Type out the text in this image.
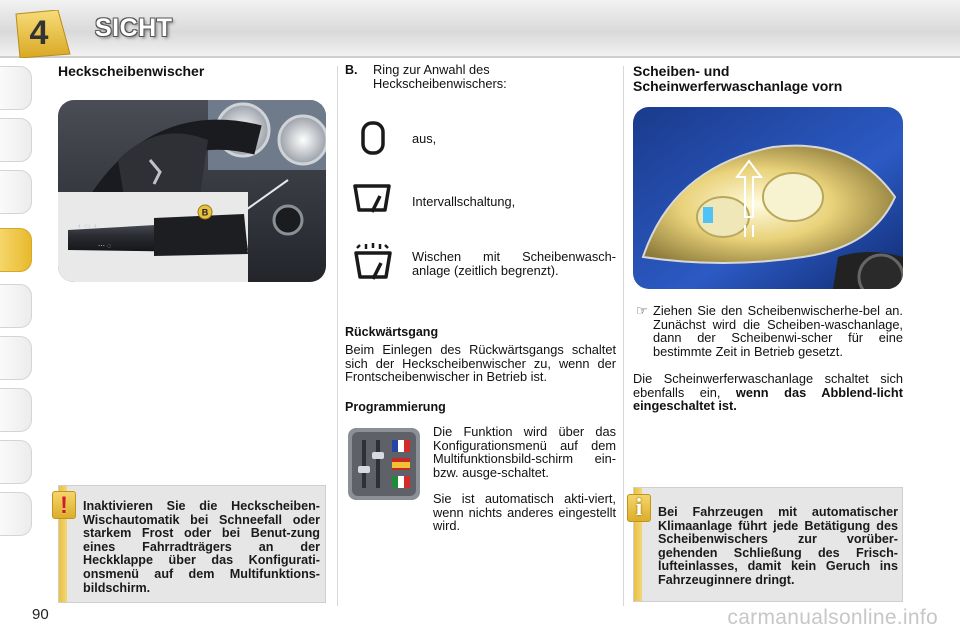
4	SICHT
Heckscheibenwischer
◐ ▭ ◑
⋯ ◌
B
Inaktivieren Sie die Heckscheiben-Wischautomatik bei Schneefall oder starkem Frost oder bei Benut-zung eines Fahrradträgers an der Heckklappe über das Konfigurati-onsmenü auf dem Multifunktions-bildschirm.
!
B. Ring zur Anwahl des Heckscheibenwischers:
aus,
Intervallschaltung,
Wischen mit Scheibenwasch-anlage (zeitlich begrenzt).
Rückwärtsgang
Beim Einlegen des Rückwärtsgangs schaltet sich der Heckscheibenwischer zu, wenn der Frontscheibenwischer in Betrieb ist.
Programmierung
Die Funktion wird über das Konfigurationsmenü auf dem Multifunktionsbild-schirm ein- bzw. ausge-schaltet.
Sie ist automatisch akti-viert, wenn nichts anderes eingestellt wird.
Scheiben- und
Scheinwerferwaschanlage vorn
☞ Ziehen Sie den Scheibenwischerhe-bel an. Zunächst wird die Scheiben-waschanlage, dann der Scheibenwi-scher für eine bestimmte Zeit in Betrieb gesetzt.
Die Scheinwerferwaschanlage schaltet sich ebenfalls ein, wenn das Abblend-licht eingeschaltet ist.
Bei Fahrzeugen mit automatischer Klimaanlage führt jede Betätigung des Scheibenwischers zur vorüber-gehenden Schließung des Frisch-lufteinlasses, damit kein Geruch ins Fahrzeuginnere dringt.
i
90	carmanualsonline.info
